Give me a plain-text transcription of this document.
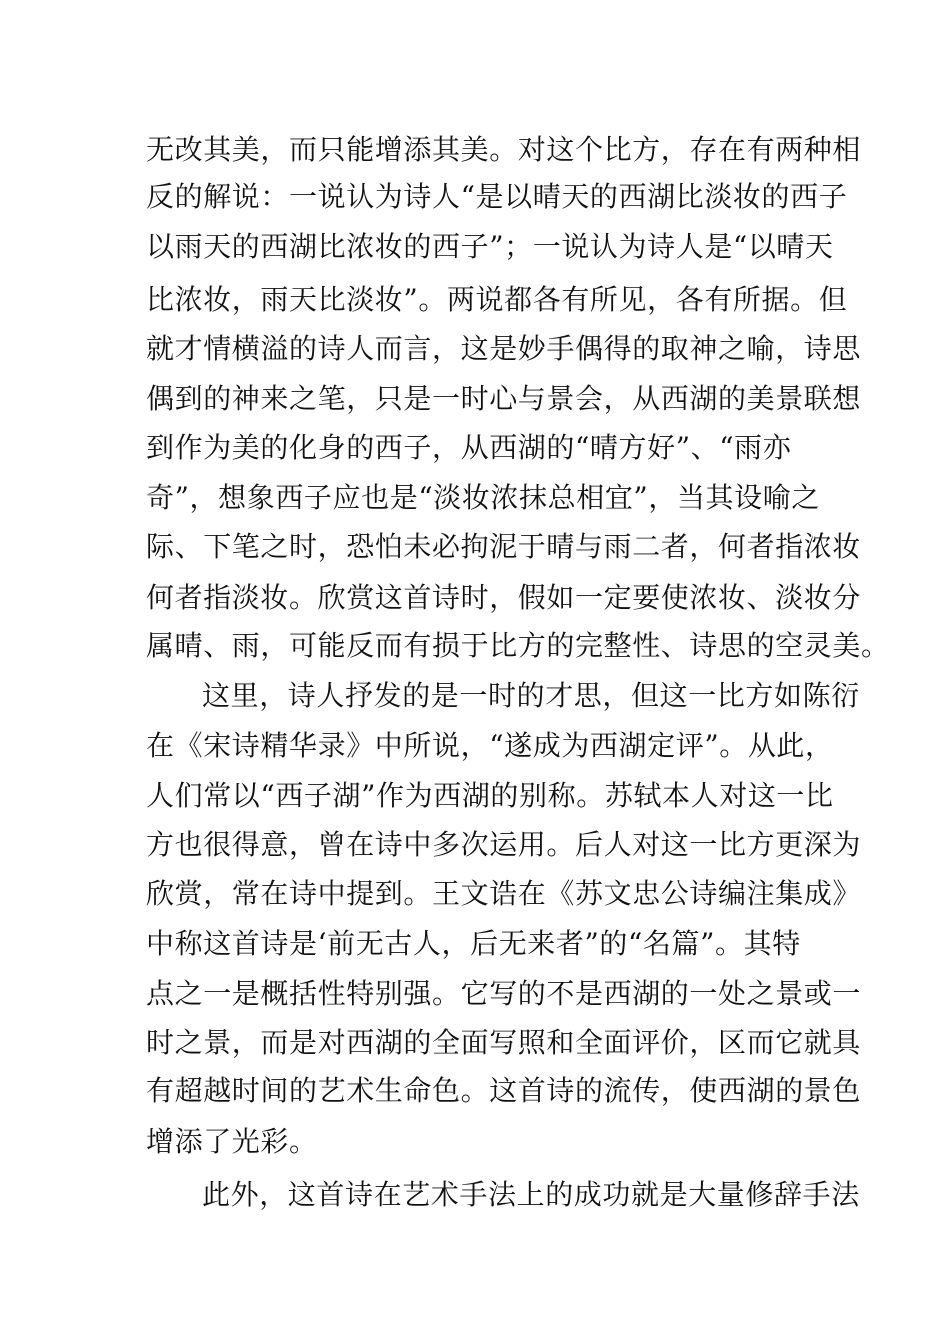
无改其美，而只能增添其美。对这个比方，存在有两种相
反的解说：一说认为诗人“是以晴天的西湖比淡妆的西子
以雨天的西湖比浓妆的西子”；一说认为诗人是“以晴天
比浓妆，雨天比淡妆”。两说都各有所见，各有所据。但
就才情横溢的诗人而言，这是妙手偶得的取神之喻，诗思
偶到的神来之笔，只是一时心与景会，从西湖的美景联想
到作为美的化身的西子，从西湖的“晴方好”、“雨亦
奇”，想象西子应也是“淡妆浓抹总相宜”，当其设喻之
际、下笔之时，恐怕未必拘泥于晴与雨二者，何者指浓妆
何者指淡妆。欣赏这首诗时，假如一定要使浓妆、淡妆分
属晴、雨，可能反而有损于比方的完整性、诗思的空灵美。
这里，诗人抒发的是一时的才思，但这一比方如陈衍
在《宋诗精华录》中所说，“遂成为西湖定评”。从此，
人们常以“西子湖”作为西湖的别称。苏轼本人对这一比
方也很得意，曾在诗中多次运用。后人对这一比方更深为
欣赏，常在诗中提到。王文诰在《苏文忠公诗编注集成》
中称这首诗是‘前无古人，后无来者”的“名篇”。其特
点之一是概括性特别强。它写的不是西湖的一处之景或一
时之景，而是对西湖的全面写照和全面评价，区而它就具
有超越时间的艺术生命色。这首诗的流传，使西湖的景色
增添了光彩。
此外，这首诗在艺术手法上的成功就是大量修辞手法
